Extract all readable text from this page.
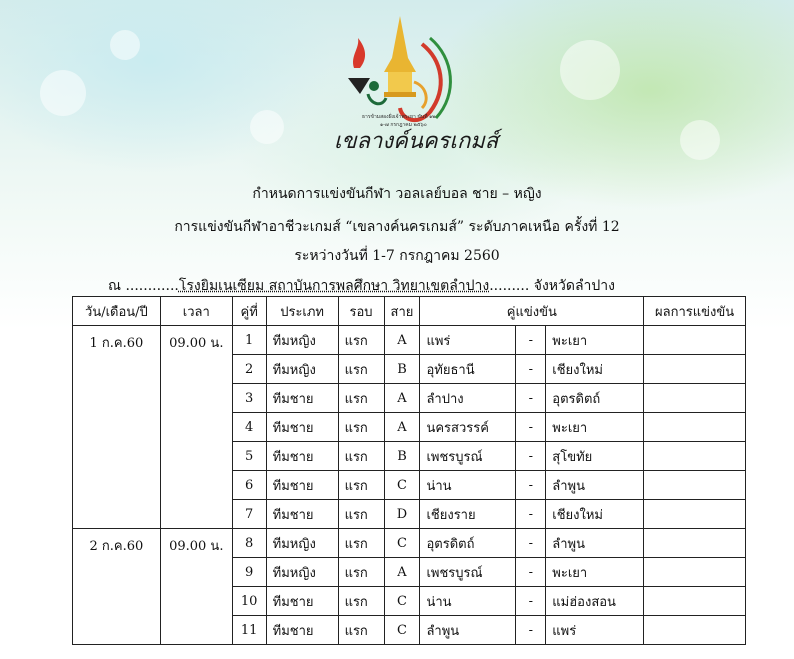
ธารข้ามสองฝั่งเจ้าพระยา ขันที่ ๑๒
๑-๗ กรกฎาคม ๒๕๖๐
เขลางค์นครเกมส์
กำหนดการแข่งขันกีฬา วอลเลย์บอล ชาย – หญิง
การแข่งขันกีฬาอาชีวะเกมส์ “เขลางค์นครเกมส์” ระดับภาคเหนือ ครั้งที่ 12
ระหว่างวันที่ 1-7 กรกฎาคม 2560
ณ ............โรงยิมเนเซียม สถาบันการพลศึกษา วิทยาเขตลำปาง......... จังหวัดลำปาง
วัน/เดือน/ปี	เวลา	คู่ที่	ประเภท	รอบ	สาย	คู่แข่งขัน			ผลการแข่งขัน
1 ก.ค.60	09.00 น.	1	ทีมหญิง	แรก	A	แพร่	-	พะเยา	
		2	ทีมหญิง	แรก	B	อุทัยธานี	-	เชียงใหม่	
		3	ทีมชาย	แรก	A	ลำปาง	-	อุตรดิตถ์	
		4	ทีมชาย	แรก	A	นครสวรรค์	-	พะเยา	
		5	ทีมชาย	แรก	B	เพชรบูรณ์	-	สุโขทัย	
		6	ทีมชาย	แรก	C	น่าน	-	ลำพูน	
		7	ทีมชาย	แรก	D	เชียงราย	-	เชียงใหม่	
2 ก.ค.60	09.00 น.	8	ทีมหญิง	แรก	C	อุตรดิตถ์	-	ลำพูน	
		9	ทีมหญิง	แรก	A	เพชรบูรณ์	-	พะเยา	
		10	ทีมชาย	แรก	C	น่าน	-	แม่ฮ่องสอน	
		11	ทีมชาย	แรก	C	ลำพูน	-	แพร่	
